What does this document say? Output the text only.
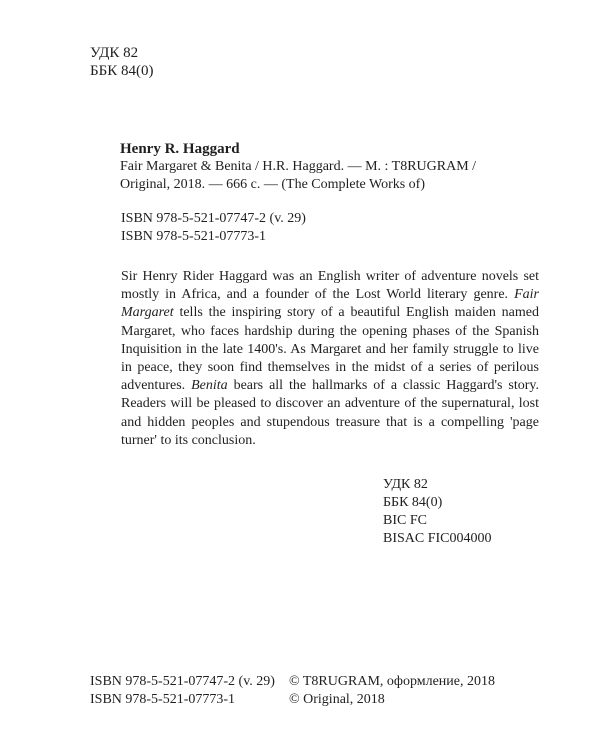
УДК 82
ББК 84(0)
Henry R. Haggard
Fair Margaret & Benita / H.R. Haggard. — M. : T8RUGRAM /
Original, 2018. — 666 с. — (The Complete Works of)
ISBN 978-5-521-07747-2 (v. 29)
ISBN 978-5-521-07773-1
Sir Henry Rider Haggard was an English writer of adventure novels set mostly in Africa, and a founder of the Lost World literary genre. Fair Margaret tells the inspiring story of a beautiful English maiden named Margaret, who faces hardship during the opening phases of the Spanish Inquisition in the late 1400's. As Margaret and her family struggle to live in peace, they soon find themselves in the midst of a series of perilous adventures. Benita bears all the hallmarks of a classic Haggard's story. Readers will be pleased to discover an adventure of the supernatural, lost and hidden peoples and stupendous treasure that is a compelling 'page turner' to its conclusion.
УДК 82
ББК 84(0)
BIC FC
BISAC FIC004000
ISBN 978-5-521-07747-2 (v. 29)
ISBN 978-5-521-07773-1
© T8RUGRAM, оформление, 2018
© Original, 2018
